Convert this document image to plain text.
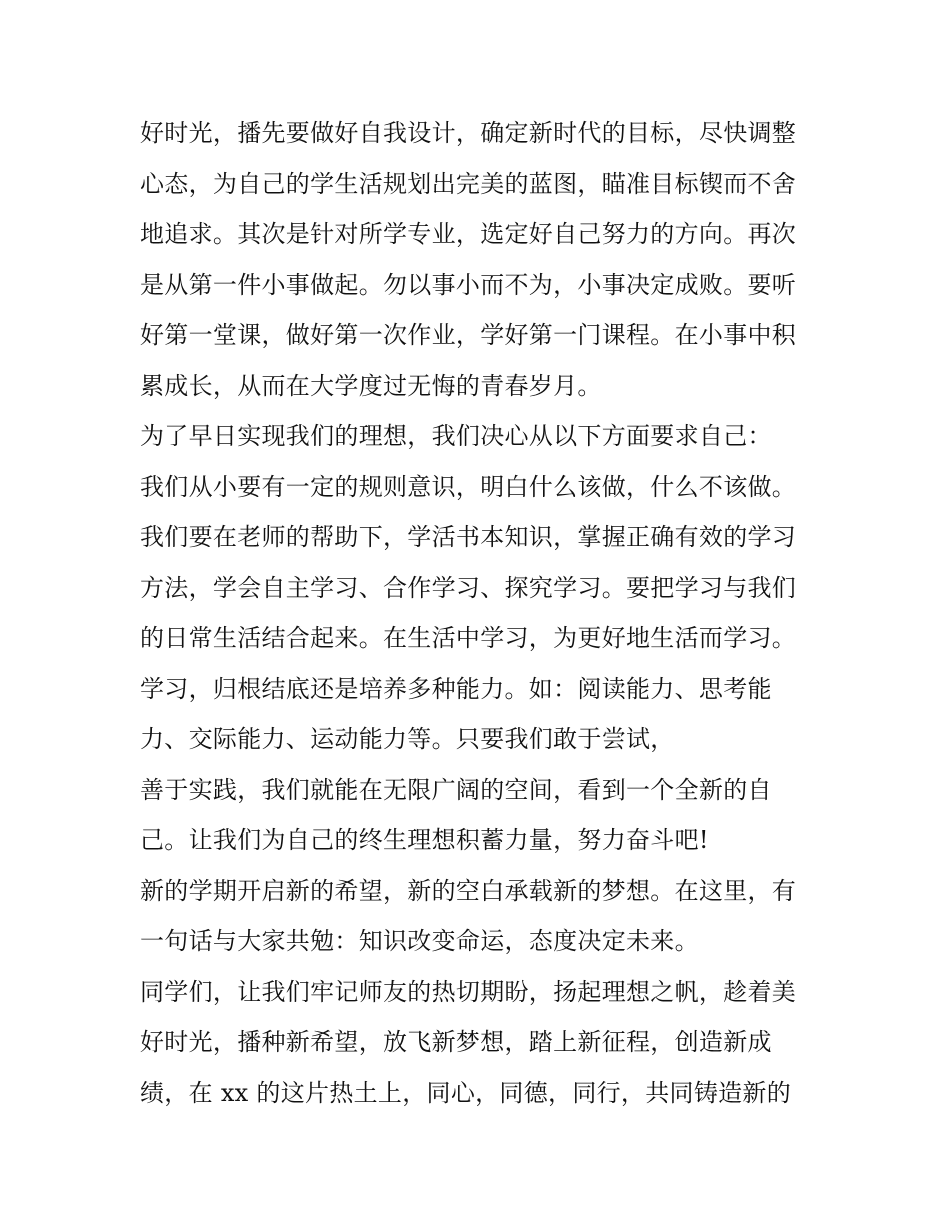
好时光，播先要做好自我设计，确定新时代的目标，尽快调整
心态，为自己的学生活规划出完美的蓝图，瞄准目标锲而不舍
地追求。其次是针对所学专业，选定好自己努力的方向。再次
是从第一件小事做起。勿以事小而不为，小事决定成败。要听
好第一堂课，做好第一次作业，学好第一门课程。在小事中积
累成长，从而在大学度过无悔的青春岁月。
为了早日实现我们的理想，我们决心从以下方面要求自己：
我们从小要有一定的规则意识，明白什么该做，什么不该做。
我们要在老师的帮助下，学活书本知识，掌握正确有效的学习
方法，学会自主学习、合作学习、探究学习。要把学习与我们
的日常生活结合起来。在生活中学习，为更好地生活而学习。
学习，归根结底还是培养多种能力。如：阅读能力、思考能
力、交际能力、运动能力等。只要我们敢于尝试，
善于实践，我们就能在无限广阔的空间，看到一个全新的自
己。让我们为自己的终生理想积蓄力量，努力奋斗吧!
新的学期开启新的希望，新的空白承载新的梦想。在这里，有
一句话与大家共勉：知识改变命运，态度决定未来。
同学们，让我们牢记师友的热切期盼，扬起理想之帆，趁着美
好时光，播种新希望，放飞新梦想，踏上新征程，创造新成
绩，在 xx 的这片热土上，同心，同德，同行，共同铸造新的
